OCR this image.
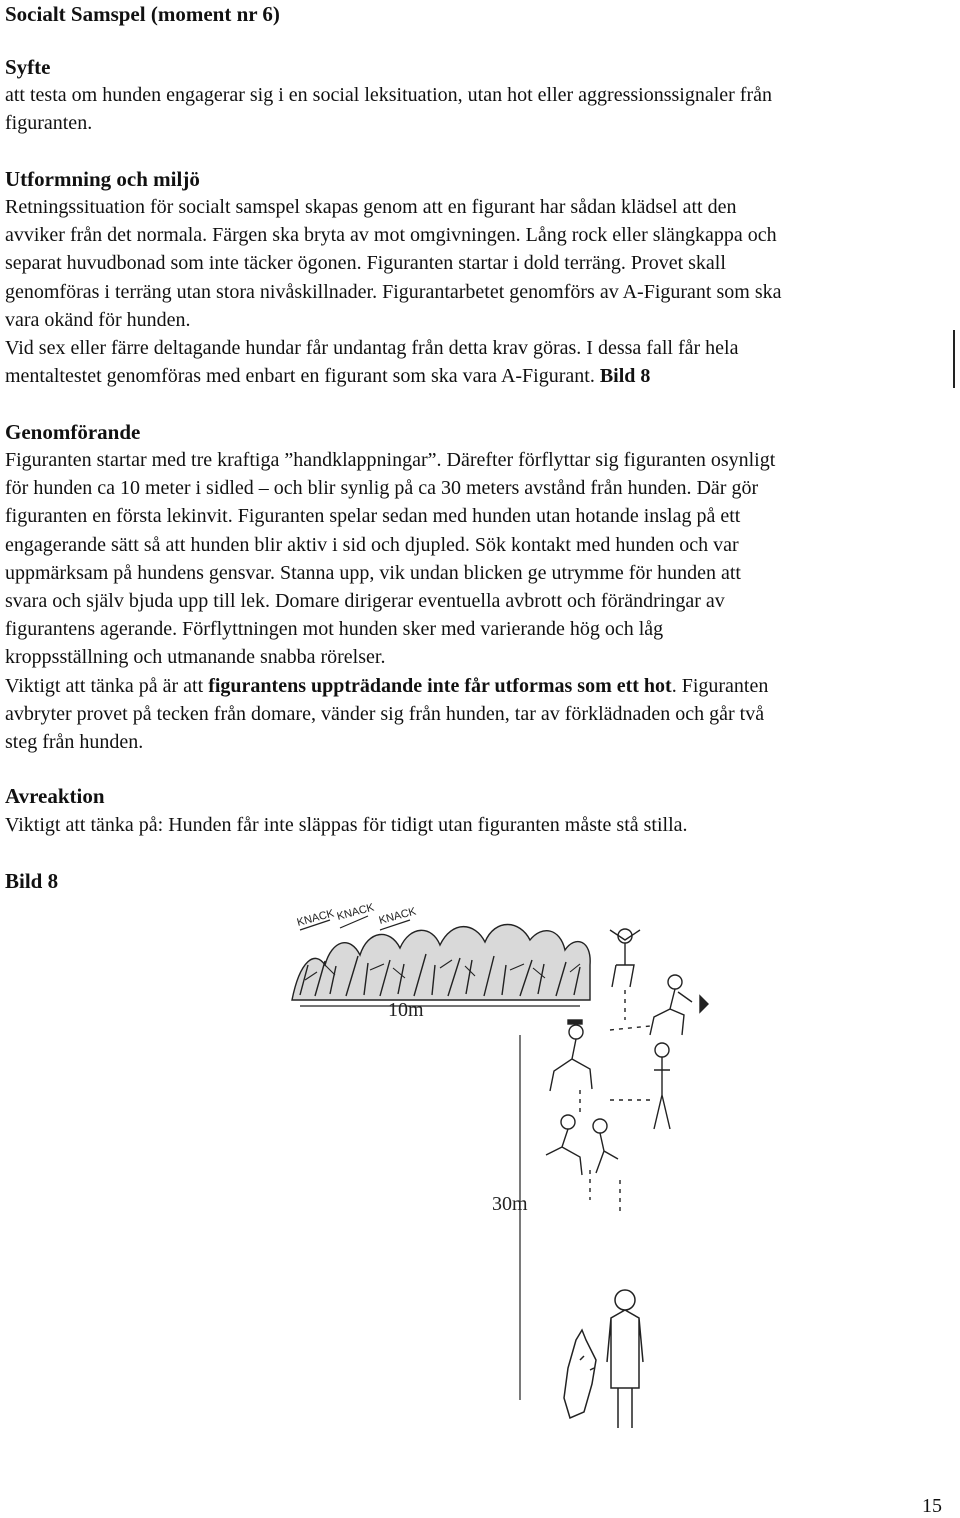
Socialt Samspel (moment nr 6)
Syfte
att testa om hunden engagerar sig i en social leksituation, utan hot eller aggressionssignaler från
figuranten.
Utformning och miljö
Retningssituation för socialt samspel skapas genom att en figurant har sådan klädsel att den
avviker från det normala. Färgen ska bryta av mot omgivningen. Lång rock eller slängkappa och
separat huvudbonad som inte täcker ögonen. Figuranten startar i dold terräng. Provet skall
genomföras i terräng utan stora nivåskillnader. Figurantarbetet genomförs av A-Figurant som ska
vara okänd för hunden.
Vid sex eller färre deltagande hundar får undantag från detta krav göras. I dessa fall får hela
mentaltestet genomföras med enbart en figurant som ska vara A-Figurant. Bild 8
Genomförande
Figuranten startar med tre kraftiga ”handklappningar”. Därefter förflyttar sig figuranten osynligt
för hunden ca 10 meter i sidled – och blir synlig på ca 30 meters avstånd från hunden. Där gör
figuranten en första lekinvit. Figuranten spelar sedan med hunden utan hotande inslag på ett
engagerande sätt så att hunden blir aktiv i sid och djupled. Sök kontakt med hunden och var
uppmärksam på hundens gensvar. Stanna upp, vik undan blicken ge utrymme för hunden att
svara och själv bjuda upp till lek. Domare dirigerar eventuella avbrott och förändringar av
figurantens agerande. Förflyttningen mot hunden sker med varierande hög och låg
kroppsställning och utmanande snabba rörelser.
Viktigt att tänka på är att figurantens uppträdande inte får utformas som ett hot. Figuranten
avbryter provet på tecken från domare, vänder sig från hunden, tar av förklädnaden och går två
steg från hunden.
Avreaktion
Viktigt att tänka på: Hunden får inte släppas för tidigt utan figuranten måste stå stilla.
Bild 8
KNACK KNACK KNACK
10m
30m
15
